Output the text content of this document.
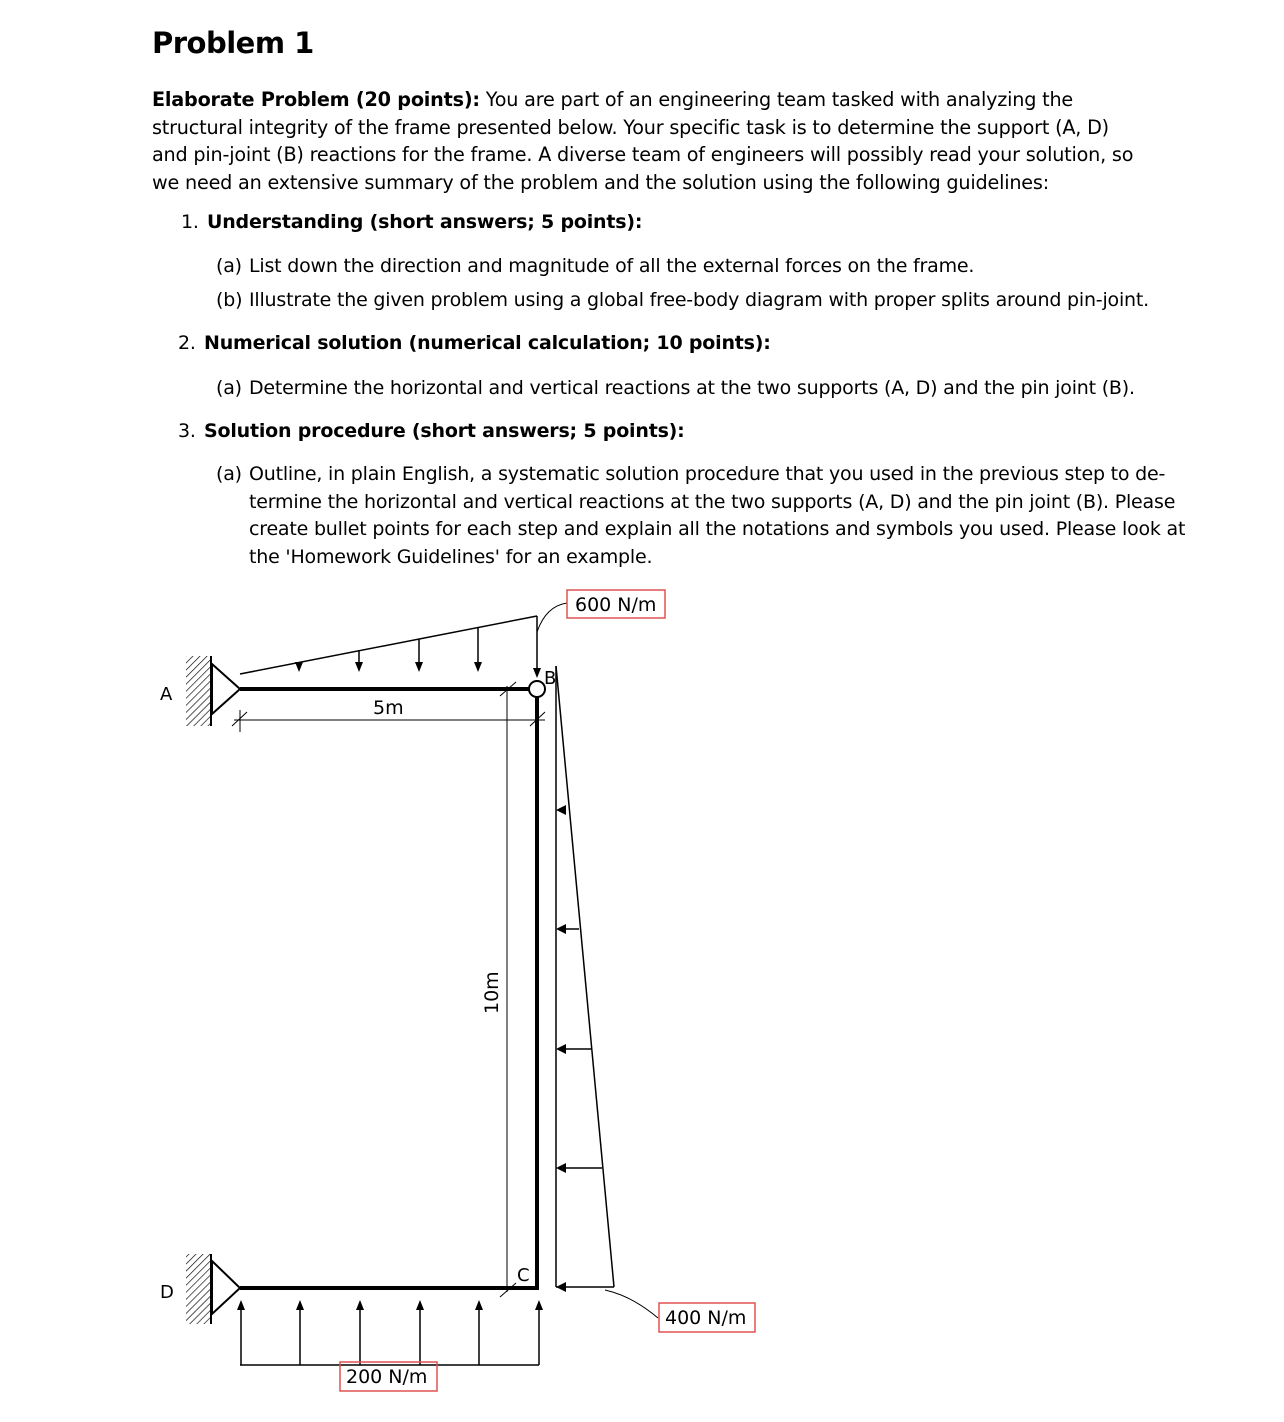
Problem 1
Elaborate Problem (20 points): You are part of an engineering team tasked with analyzing the structural integrity of the frame presented below. Your specific task is to determine the support (A, D) and pin-joint (B) reactions for the frame. A diverse team of engineers will possibly read your solution, so we need an extensive summary of the problem and the solution using the following guidelines:
1. Understanding (short answers; 5 points):
(a) List down the direction and magnitude of all the external forces on the frame.
(b) Illustrate the given problem using a global free-body diagram with proper splits around pin-joint.
2. Numerical solution (numerical calculation; 10 points):
(a) Determine the horizontal and vertical reactions at the two supports (A, D) and the pin joint (B).
3. Solution procedure (short answers; 5 points):
(a) Outline, in plain English, a systematic solution procedure that you used in the previous step to de-
termine the horizontal and vertical reactions at the two supports (A, D) and the pin joint (B). Please
create bullet points for each step and explain all the notations and symbols you used. Please look at
the 'Homework Guidelines' for an example.
A
B
C
D
5m
10m
600 N/m
400 N/m
200 N/m
